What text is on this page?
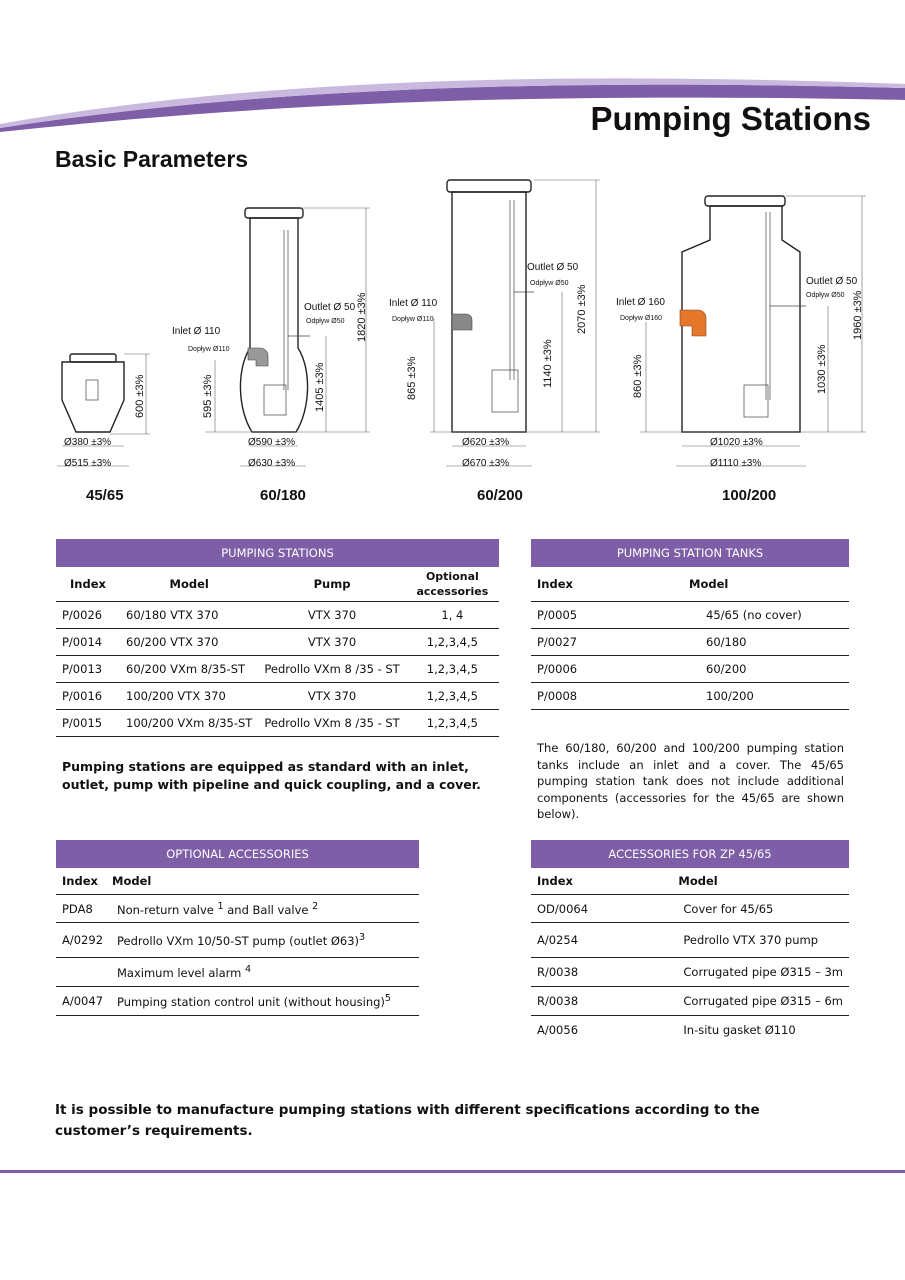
Pumping Stations
Basic Parameters
Ø380 ±3%
Ø515 ±3%
600 ±3%
Inlet Ø 110
Dopływ Ø110
Outlet Ø 50
Odpływ Ø50 1820 ±3%
1405 ±3%
595 ±3%
Ø590 ±3%
Ø630 ±3%
Inlet Ø 110
Dopływ Ø110
Outlet Ø 50
Odpływ Ø50
2070 ±3%
1140 ±3%
865 ±3%
Ø620 ±3%
Ø670 ±3%
Inlet Ø 160
Dopływ Ø160
Outlet Ø 50
Odpływ Ø50 1960 ±3%
1030 ±3%
860 ±3%
Ø1020 ±3%
Ø1110 ±3%
45/65	60/180	60/200	100/200
PUMPING STATIONS			
Index	Model	Pump	Optional accessories
P/0026	60/180 VTX 370	VTX 370	1, 4
P/0014	60/200 VTX 370	VTX 370	1,2,3,4,5
P/0013	60/200 VXm 8/35-ST	Pedrollo VXm 8 /35 - ST	1,2,3,4,5
P/0016	100/200 VTX 370	VTX 370	1,2,3,4,5
P/0015	100/200 VXm 8/35-ST	Pedrollo VXm 8 /35 - ST	1,2,3,4,5
PUMPING STATION TANKS	
Index	Model
P/0005	45/65 (no cover)
P/0027	60/180
P/0006	60/200
P/0008	100/200
Pumping stations are equipped as standard with an inlet, outlet, pump with pipeline and quick coupling, and a cover.
The 60/180, 60/200 and 100/200 pumping station tanks include an inlet and a cover. The 45/65 pumping station tank does not include additional components (accessories for the 45/65 are shown below).
OPTIONAL ACCESSORIES	
Index	Model
PDA8	Non-return valve $^1$ and Ball valve $^2$
A/0292	Pedrollo VXm 10/50-ST pump (outlet Ø63)$^3$
	Maximum level alarm $^4$
A/0047	Pumping station control unit (without housing)$^5$
ACCESSORIES FOR ZP 45/65	
Index	Model
OD/0064	Cover for 45/65
A/0254	Pedrollo VTX 370 pump
R/0038	Corrugated pipe Ø315 – 3m
R/0038	Corrugated pipe Ø315 – 6m
A/0056	In-situ gasket Ø110
It is possible to manufacture pumping stations with different specifications according to the customer’s requirements.
